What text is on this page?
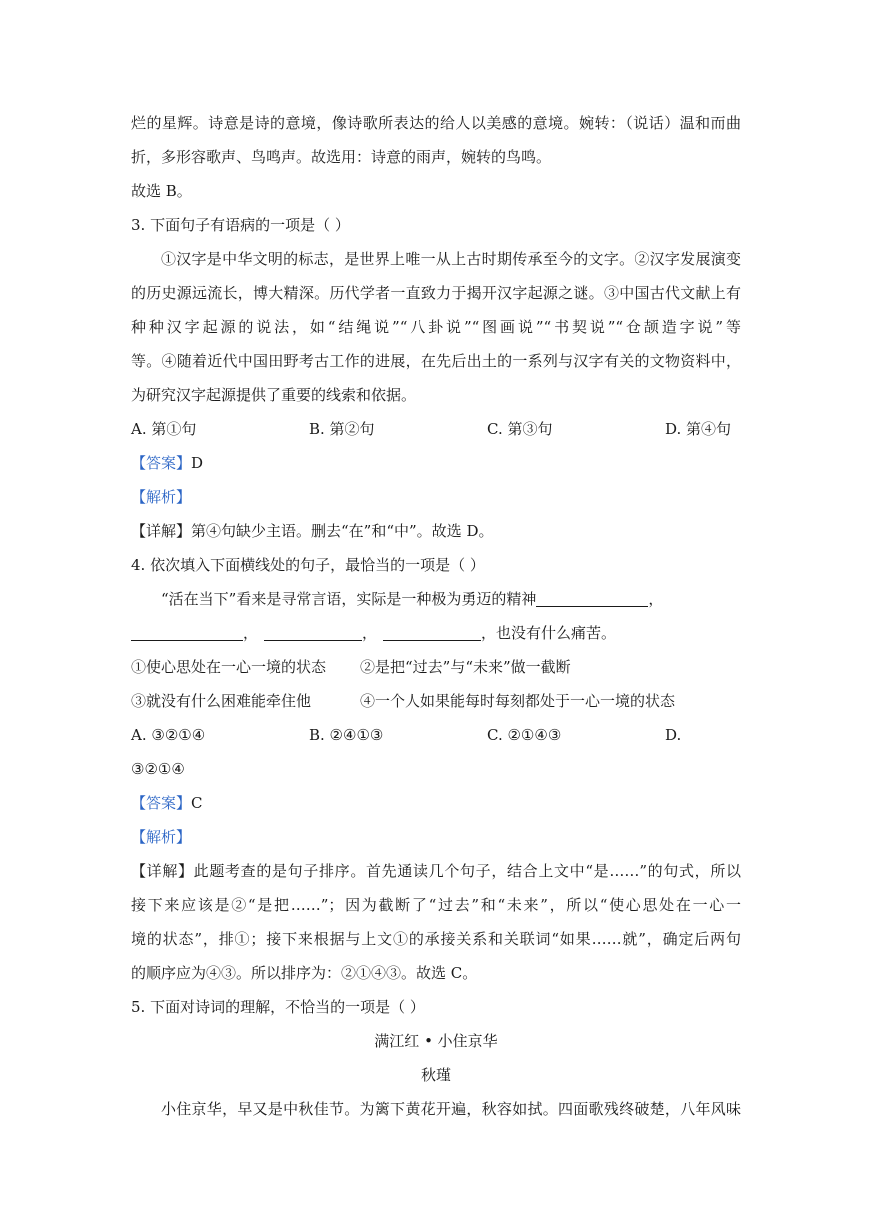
烂的星辉。诗意是诗的意境，像诗歌所表达的给人以美感的意境。婉转：（说话）温和而曲
折，多形容歌声、鸟鸣声。故选用：诗意的雨声，婉转的鸟鸣。
故选 B。
3. 下面句子有语病的一项是（ ）
①汉字是中华文明的标志，是世界上唯一从上古时期传承至今的文字。②汉字发展演变
的历史源远流长，博大精深。历代学者一直致力于揭开汉字起源之谜。③中国古代文献上有
种种汉字起源的说法，如“结绳说”“八卦说”“图画说”“书契说”“仓颉造字说”等
等。④随着近代中国田野考古工作的进展，在先后出土的一系列与汉字有关的文物资料中，
为研究汉字起源提供了重要的线索和依据。
A. 第①句	B. 第②句	C. 第③句	D. 第④句
【答案】D
【解析】
【详解】第④句缺少主语。删去“在”和“中”。故选 D。
4. 依次填入下面横线处的句子，最恰当的一项是（ ）
“活在当下”看来是寻常言语，实际是一种极为勇迈的精神	，
，	，	，也没有什么痛苦。
①使心思处在一心一境的状态 ②是把“过去”与“未来”做一截断
③就没有什么困难能牵住他	④一个人如果能每时每刻都处于一心一境的状态
A. ③②①④	B. ②④①③	C. ②①④③	D.
③②①④
【答案】C
【解析】
【详解】此题考查的是句子排序。首先通读几个句子，结合上文中“是……”的句式，所以
接下来应该是②“是把……”；因为截断了“过去”和“未来”，所以“使心思处在一心一
境的状态”，排①；接下来根据与上文①的承接关系和关联词“如果……就”，确定后两句
的顺序应为④③。所以排序为：②①④③。故选 C。
5. 下面对诗词的理解，不恰当的一项是（ ）
满江红 • 小住京华
秋瑾
小住京华，早又是中秋佳节。为篱下黄花开遍，秋容如拭。四面歌残终破楚，八年风味
